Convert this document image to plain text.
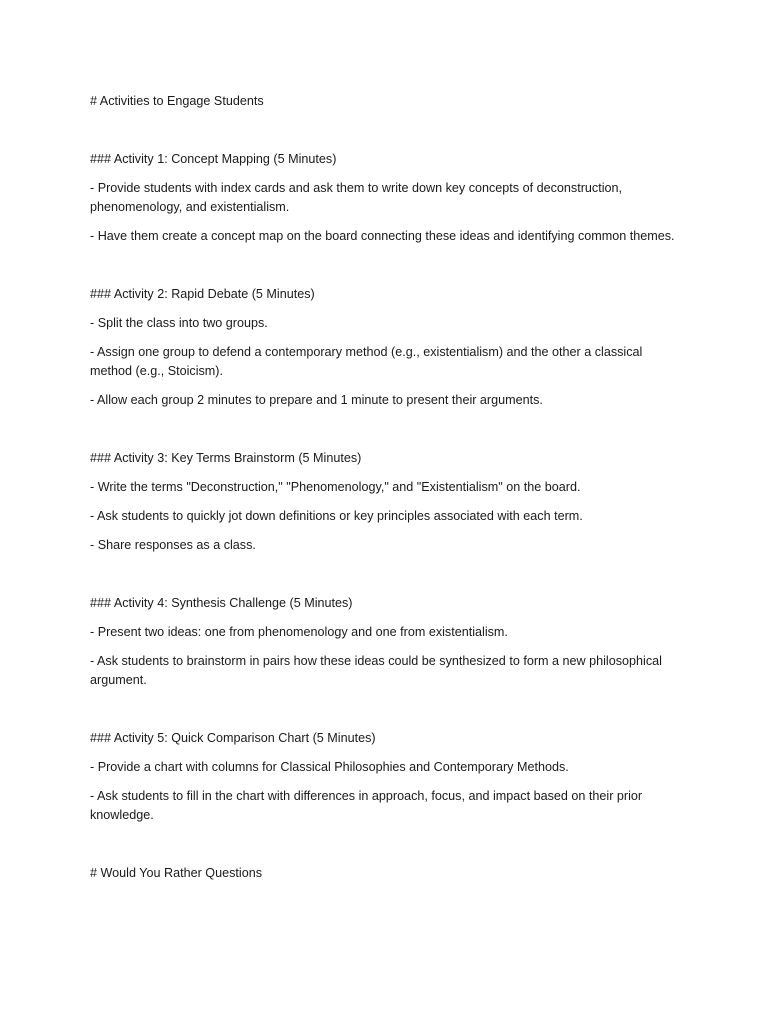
# Activities to Engage Students

### Activity 1: Concept Mapping (5 Minutes)

- Provide students with index cards and ask them to write down key concepts of deconstruction, phenomenology, and existentialism.

- Have them create a concept map on the board connecting these ideas and identifying common themes.

### Activity 2: Rapid Debate (5 Minutes)

- Split the class into two groups.

- Assign one group to defend a contemporary method (e.g., existentialism) and the other a classical method (e.g., Stoicism).

- Allow each group 2 minutes to prepare and 1 minute to present their arguments.

### Activity 3: Key Terms Brainstorm (5 Minutes)

- Write the terms "Deconstruction," "Phenomenology," and "Existentialism" on the board.

- Ask students to quickly jot down definitions or key principles associated with each term.

- Share responses as a class.

### Activity 4: Synthesis Challenge (5 Minutes)

- Present two ideas: one from phenomenology and one from existentialism.

- Ask students to brainstorm in pairs how these ideas could be synthesized to form a new philosophical argument.

### Activity 5: Quick Comparison Chart (5 Minutes)

- Provide a chart with columns for Classical Philosophies and Contemporary Methods.

- Ask students to fill in the chart with differences in approach, focus, and impact based on their prior knowledge.

# Would You Rather Questions
